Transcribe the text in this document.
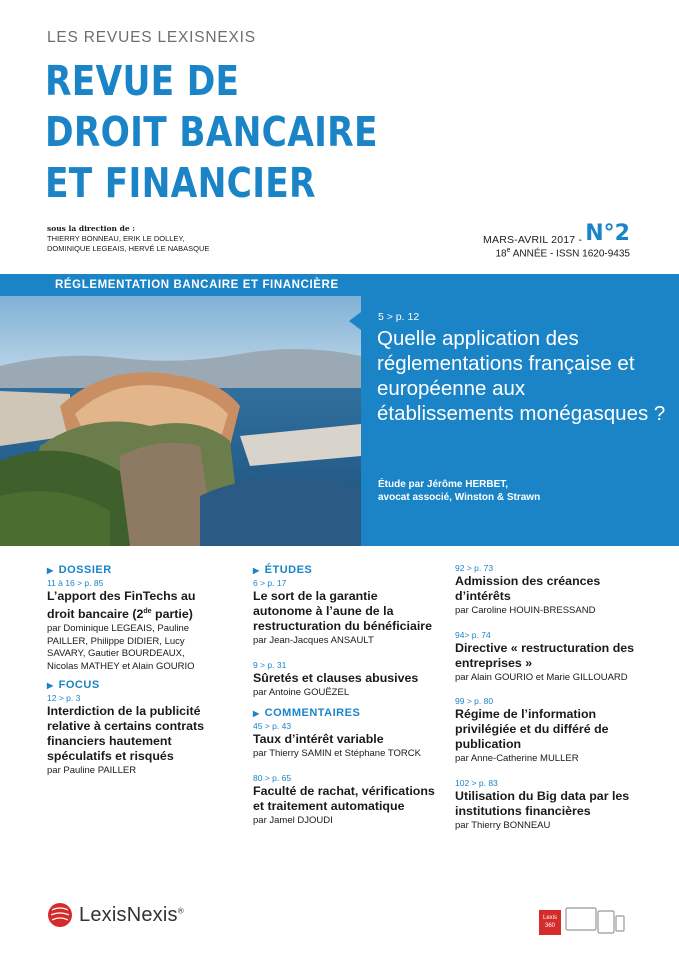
LES REVUES LEXISNEXIS
REVUE DE
DROIT BANCAIRE
ET FINANCIER
sous la direction de :
THIERRY BONNEAU, ERIK LE DOLLEY,
DOMINIQUE LEGEAIS, HERVÉ LE NABASQUE
MARS-AVRIL 2017 - N°2
18e ANNÉE - ISSN 1620-9435
RÉGLEMENTATION BANCAIRE ET FINANCIÈRE
5 > p. 12
Quelle application des réglementations française et européenne aux établissements monégasques ?
Étude par Jérôme HERBET,
avocat associé, Winston & Strawn
▶ DOSSIER
11 à 16 > p. 85
L’apport des FinTechs au droit bancaire (2de partie)
par Dominique LEGEAIS, Pauline PAILLER, Philippe DIDIER, Lucy SAVARY, Gautier BOURDEAUX, Nicolas MATHEY et Alain GOURIO
▶ FOCUS
12 > p. 3
Interdiction de la publicité relative à certains contrats financiers hautement spéculatifs et risqués
par Pauline PAILLER
▶ ÉTUDES
6 > p. 17
Le sort de la garantie autonome à l’aune de la restructuration du bénéficiaire
par Jean-Jacques ANSAULT
9 > p. 31
Sûretés et clauses abusives
par Antoine GOUËZEL
▶ COMMENTAIRES
45 > p. 43
Taux d’intérêt variable
par Thierry SAMIN et Stéphane TORCK
80 > p. 65
Faculté de rachat, vérifications et traitement automatique
par Jamel DJOUDI
92 > p. 73
Admission des créances d’intérêts
par Caroline HOUIN-BRESSAND
94> p. 74
Directive « restructuration des entreprises »
par Alain GOURIO et Marie GILLOUARD
99 > p. 80
Régime de l’information privilégiée et du différé de publication
par Anne-Catherine MULLER
102 > p. 83
Utilisation du Big data par les institutions financières
par Thierry BONNEAU
LexisNexis®
Lexis
360
